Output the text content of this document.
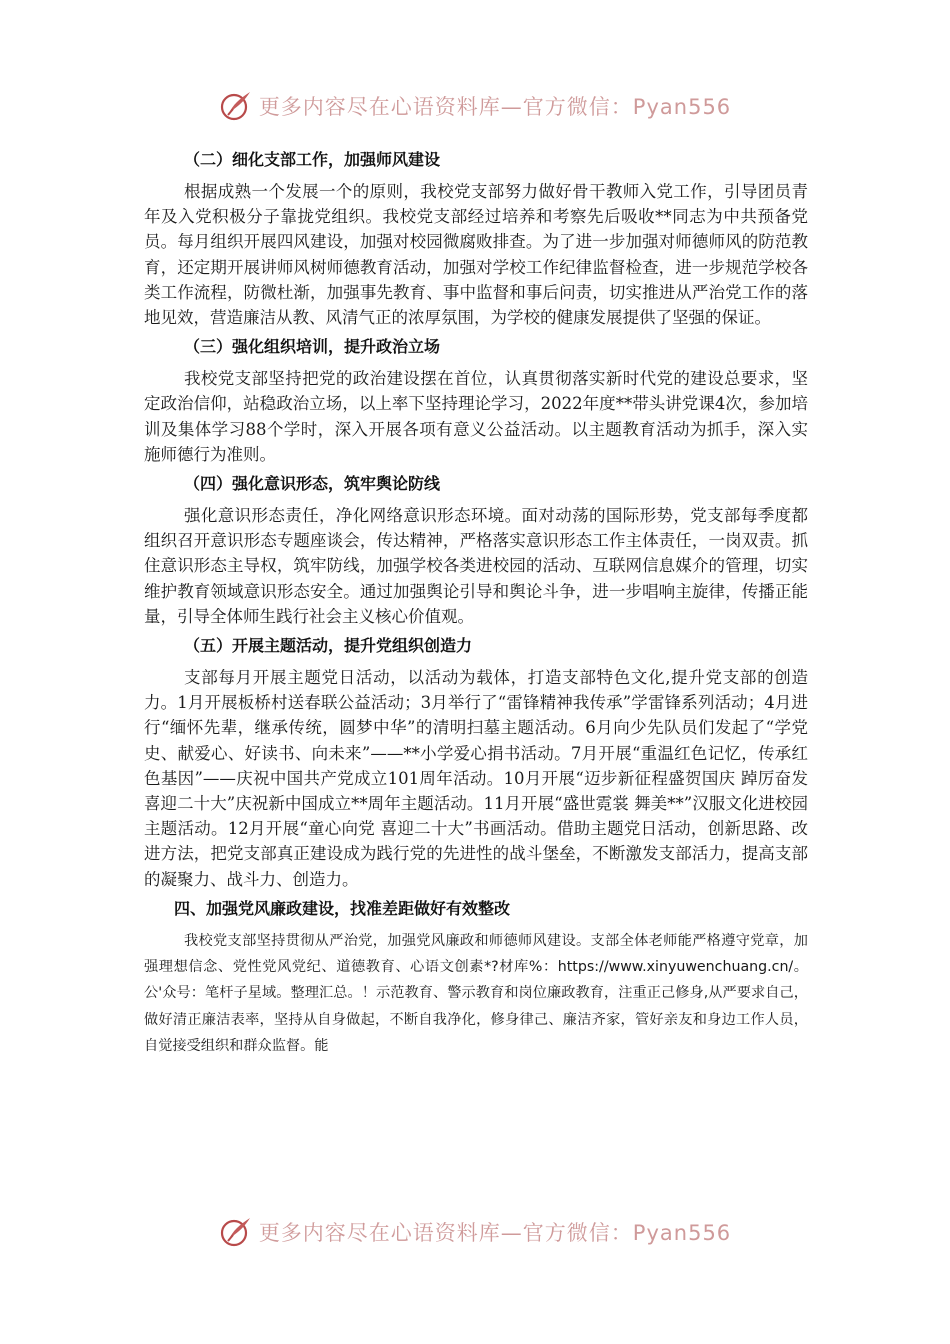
更多内容尽在心语资料库—官方微信：Pyan556
（二）细化支部工作，加强师风建设

根据成熟一个发展一个的原则，我校党支部努力做好骨干教师入党工作，引导团员青年及入党积极分子靠拢党组织。我校党支部经过培养和考察先后吸收**同志为中共预备党员。每月组织开展四风建设，加强对校园微腐败排查。为了进一步加强对师德师风的防范教育，还定期开展讲师风树师德教育活动，加强对学校工作纪律监督检查，进一步规范学校各类工作流程，防微杜渐，加强事先教育、事中监督和事后问责，切实推进从严治党工作的落地见效，营造廉洁从教、风清气正的浓厚氛围，为学校的健康发展提供了坚强的保证。

（三）强化组织培训，提升政治立场

我校党支部坚持把党的政治建设摆在首位，认真贯彻落实新时代党的建设总要求，坚定政治信仰，站稳政治立场，以上率下坚持理论学习，2022年度**带头讲党课4次，参加培训及集体学习88个学时，深入开展各项有意义公益活动。以主题教育活动为抓手，深入实施师德行为准则。

（四）强化意识形态，筑牢舆论防线

强化意识形态责任，净化网络意识形态环境。面对动荡的国际形势，党支部每季度都组织召开意识形态专题座谈会，传达精神，严格落实意识形态工作主体责任，一岗双责。抓住意识形态主导权，筑牢防线，加强学校各类进校园的活动、互联网信息媒介的管理，切实维护教育领域意识形态安全。通过加强舆论引导和舆论斗争，进一步唱响主旋律，传播正能量，引导全体师生践行社会主义核心价值观。

（五）开展主题活动，提升党组织创造力

支部每月开展主题党日活动，以活动为载体，打造支部特色文化,提升党支部的创造力。1月开展板桥村送春联公益活动；3月举行了“雷锋精神我传承”学雷锋系列活动；4月进行“缅怀先辈，继承传统，圆梦中华”的清明扫墓主题活动。6月向少先队员们发起了“学党史、献爱心、好读书、向未来”——**小学爱心捐书活动。7月开展“重温红色记忆，传承红色基因”——庆祝中国共产党成立101周年活动。10月开展“迈步新征程盛贺国庆 踔厉奋发喜迎二十大”庆祝新中国成立**周年主题活动。11月开展“盛世霓裳 舞美**”汉服文化进校园主题活动。12月开展“童心向党 喜迎二十大”书画活动。借助主题党日活动，创新思路、改进方法，把党支部真正建设成为践行党的先进性的战斗堡垒，不断激发支部活力，提高支部的凝聚力、战斗力、创造力。

四、加强党风廉政建设，找准差距做好有效整改

我校党支部坚持贯彻从严治党，加强党风廉政和师德师风建设。支部全体老师能严格遵守党章，加强理想信念、党性党风党纪、道德教育、心语文创素*?材库%：https://www.xinyuwenchuang.cn/。公'众号：笔杆子星域。整理汇总。！示范教育、警示教育和岗位廉政教育，注重正己修身,从严要求自己，做好清正廉洁表率，坚持从自身做起，不断自我净化，修身律己、廉洁齐家，管好亲友和身边工作人员，自觉接受组织和群众监督。能

更多内容尽在心语资料库—官方微信：Pyan556
